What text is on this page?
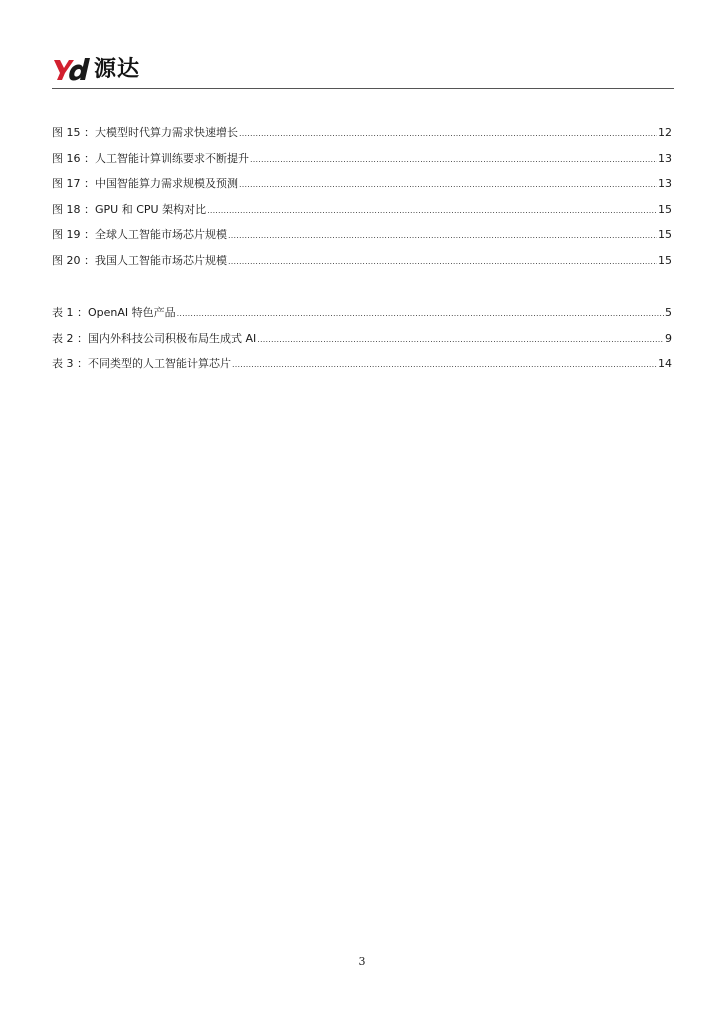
源达
图 15 ： 大模型时代算力需求快速增长 .....	12
图 16 ： 人工智能计算训练要求不断提升 .....	13
图 17 ： 中国智能算力需求规模及预测 .....	13
图 18 ： GPU 和 CPU 架构对比 .....	15
图 19 ： 全球人工智能市场芯片规模 .....	15
图 20 ： 我国人工智能市场芯片规模 .....	15
表 1 ： OpenAI 特色产品 .....	5
表 2 ： 国内外科技公司积极布局生成式 AI .....	9
表 3 ： 不同类型的人工智能计算芯片 .....	14
3
